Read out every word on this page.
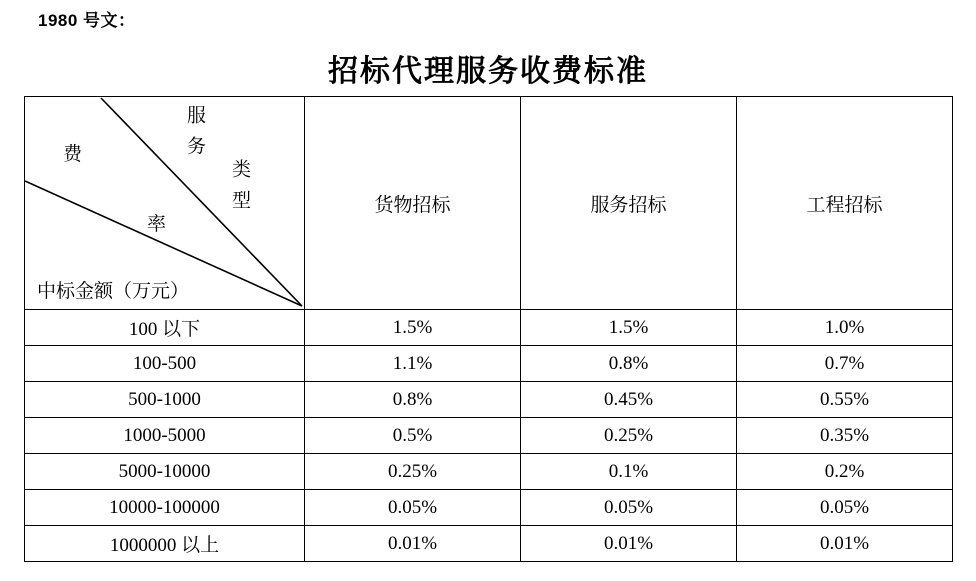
1980 号文：
招标代理服务收费标准
费
率
服务
类型
中标金额（万元）	货物招标	服务招标	工程招标
100 以下	1.5%	1.5%	1.0%
100-500	1.1%	0.8%	0.7%
500-1000	0.8%	0.45%	0.55%
1000-5000	0.5%	0.25%	0.35%
5000-10000	0.25%	0.1%	0.2%
10000-100000	0.05%	0.05%	0.05%
1000000 以上	0.01%	0.01%	0.01%
